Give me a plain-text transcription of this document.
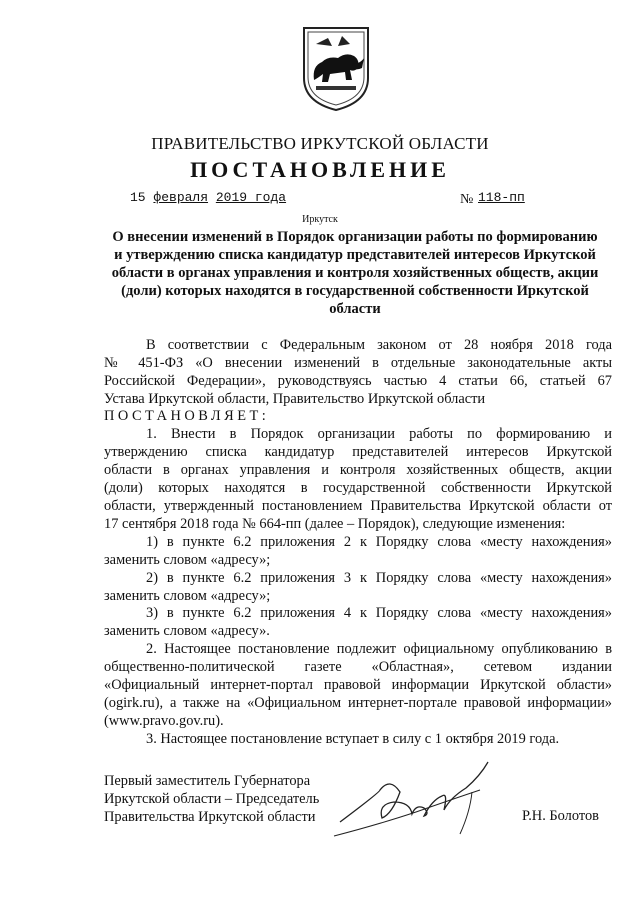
ПРАВИТЕЛЬСТВО ИРКУТСКОЙ ОБЛАСТИ
ПОСТАНОВЛЕНИЕ
15 февраля 2019 года	№ 118-пп
Иркутск
О внесении изменений в Порядок организации работы по формированию
и утверждению списка кандидатур представителей интересов Иркутской
области в органах управления и контроля хозяйственных обществ, акции
(доли) которых находятся в государственной собственности Иркутской
области
В соответствии с Федеральным законом от 28 ноября 2018 года
№ 451-ФЗ «О внесении изменений в отдельные законодательные акты
Российской Федерации», руководствуясь частью 4 статьи 66, статьей 67
Устава Иркутской области, Правительство Иркутской области
ПОСТАНОВЛЯЕТ:
1. Внести в Порядок организации работы по формированию и
утверждению списка кандидатур представителей интересов Иркутской
области в органах управления и контроля хозяйственных обществ, акции
(доли) которых находятся в государственной собственности Иркутской
области, утвержденный постановлением Правительства Иркутской области от
17 сентября 2018 года № 664-пп (далее – Порядок), следующие изменения:
1) в пункте 6.2 приложения 2 к Порядку слова «месту нахождения»
заменить словом «адресу»;
2) в пункте 6.2 приложения 3 к Порядку слова «месту нахождения»
заменить словом «адресу»;
3) в пункте 6.2 приложения 4 к Порядку слова «месту нахождения»
заменить словом «адресу».
2. Настоящее постановление подлежит официальному опубликованию в
общественно-политической газете «Областная», сетевом издании
«Официальный интернет-портал правовой информации Иркутской области»
(ogirk.ru), а также на «Официальном интернет-портале правовой информации»
(www.pravo.gov.ru).
3. Настоящее постановление вступает в силу с 1 октября 2019 года.
Первый заместитель Губернатора
Иркутской области – Председатель
Правительства Иркутской области	Р.Н. Болотов
